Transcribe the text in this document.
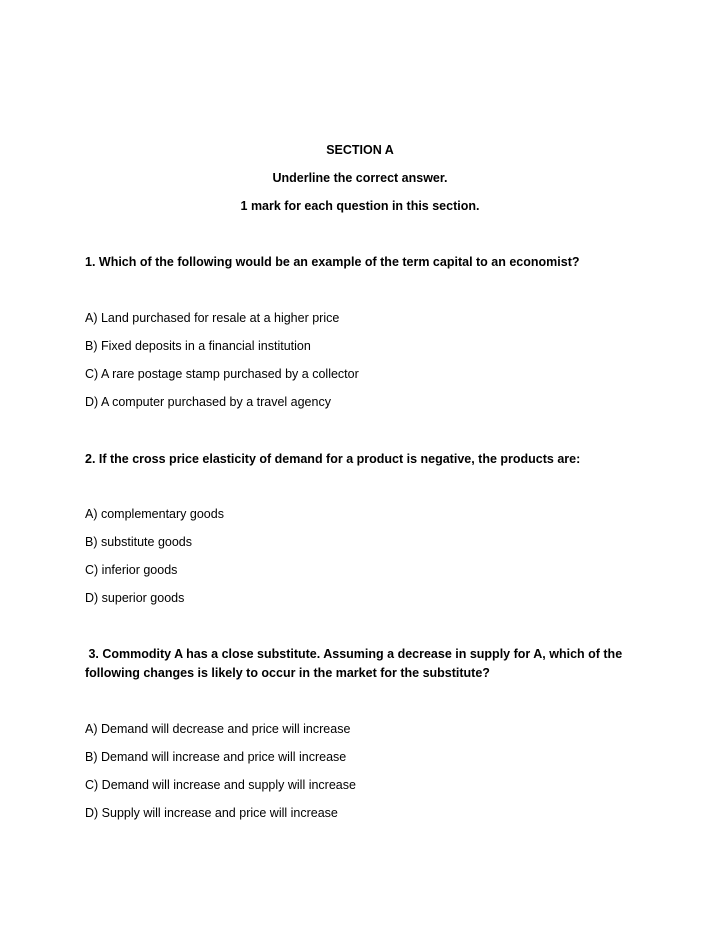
SECTION A
Underline the correct answer.
1 mark for each question in this section.
1. Which of the following would be an example of the term capital to an economist?
A) Land purchased for resale at a higher price
B) Fixed deposits in a financial institution
C) A rare postage stamp purchased by a collector
D) A computer purchased by a travel agency
2. If the cross price elasticity of demand for a product is negative, the products are:
A) complementary goods
B) substitute goods
C) inferior goods
D) superior goods
3. Commodity A has a close substitute. Assuming a decrease in supply for A, which of the
following changes is likely to occur in the market for the substitute?
A) Demand will decrease and price will increase
B) Demand will increase and price will increase
C) Demand will increase and supply will increase
D) Supply will increase and price will increase
